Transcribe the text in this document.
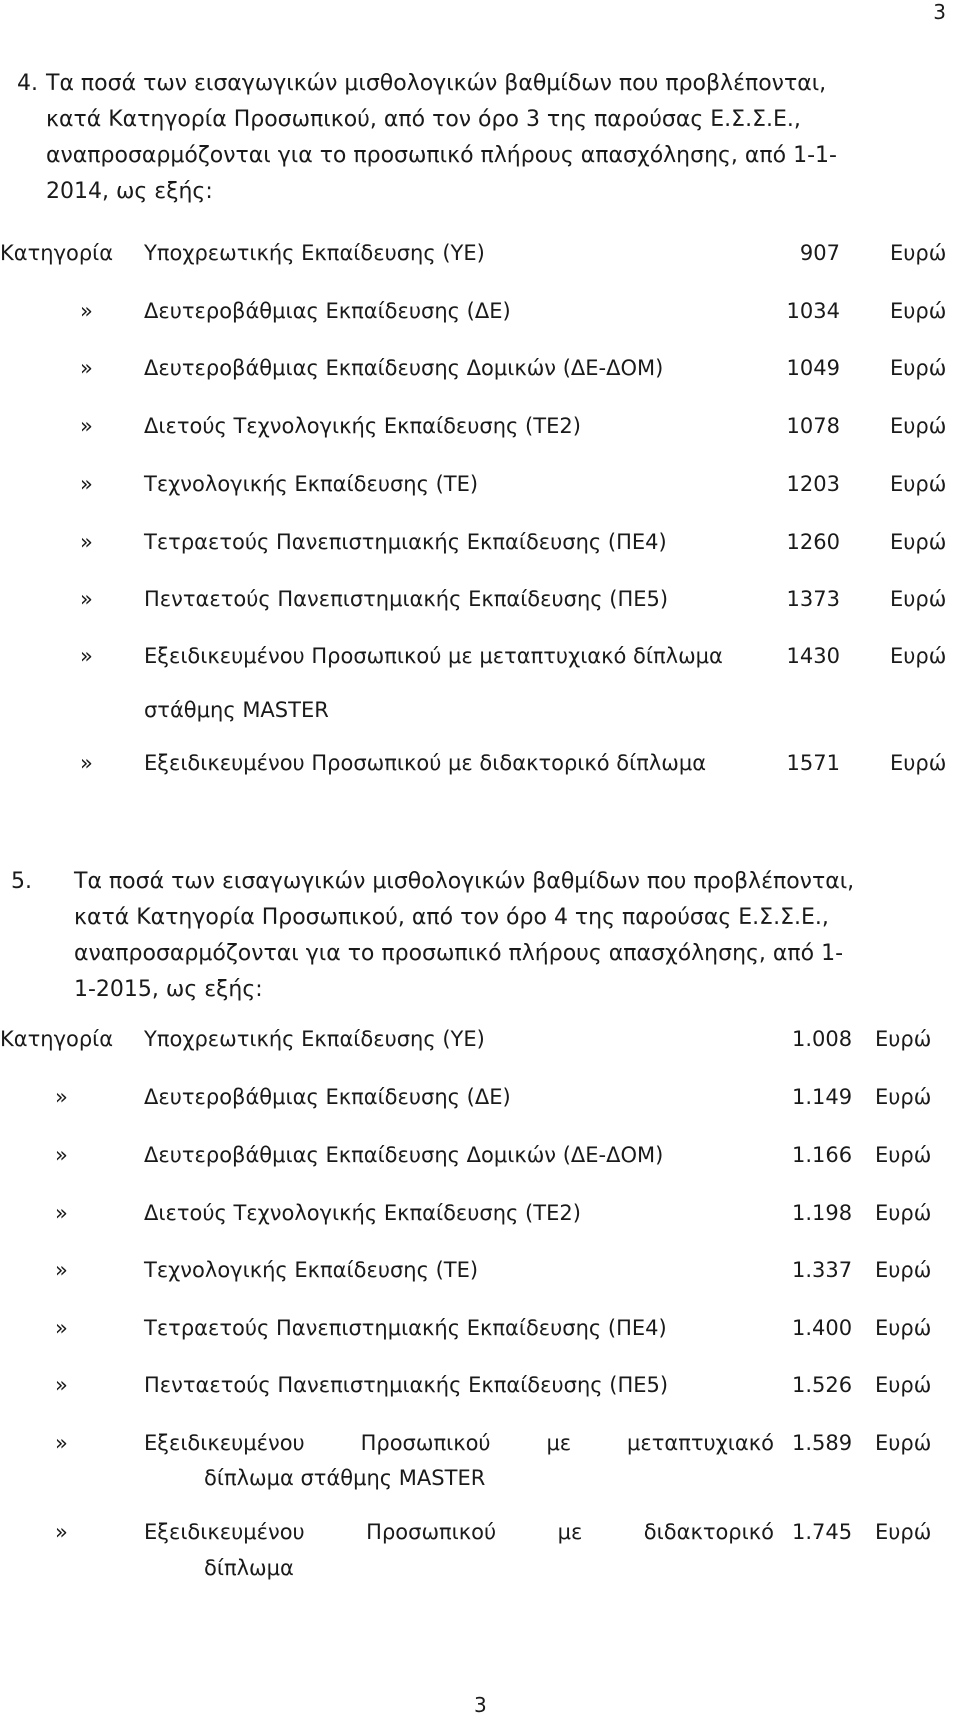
3
4. Τα ποσά των εισαγωγικών μισθολογικών βαθμίδων που προβλέπονται,
κατά Κατηγορία Προσωπικού, από τον όρο 3 της παρούσας Ε.Σ.Σ.Ε.,
αναπροσαρμόζονται για το προσωπικό πλήρους απασχόλησης, από 1-1-
2014, ως εξής:
Κατηγορία Υποχρεωτικής Εκπαίδευσης (ΥΕ)	907 Ευρώ
» Δευτεροβάθμιας Εκπαίδευσης (ΔΕ)	1034 Ευρώ
» Δευτεροβάθμιας Εκπαίδευσης Δομικών (ΔΕ-ΔΟΜ)	1049 Ευρώ
» Διετούς Τεχνολογικής Εκπαίδευσης (ΤΕ2)	1078 Ευρώ
» Τεχνολογικής Εκπαίδευσης (ΤΕ)	1203 Ευρώ
» Τετραετούς Πανεπιστημιακής Εκπαίδευσης (ΠΕ4)	1260 Ευρώ
» Πενταετούς Πανεπιστημιακής Εκπαίδευσης (ΠΕ5)	1373 Ευρώ
» Εξειδικευμένου Προσωπικού με μεταπτυχιακό δίπλωμα	1430 Ευρώ
στάθμης MASTER
» Εξειδικευμένου Προσωπικού με διδακτορικό δίπλωμα	1571 Ευρώ
5. Τα ποσά των εισαγωγικών μισθολογικών βαθμίδων που προβλέπονται,
κατά Κατηγορία Προσωπικού, από τον όρο 4 της παρούσας Ε.Σ.Σ.Ε.,
αναπροσαρμόζονται για το προσωπικό πλήρους απασχόλησης, από 1-
1-2015, ως εξής:
Κατηγορία Υποχρεωτικής Εκπαίδευσης (ΥΕ)	1.008 Ευρώ
»	Δευτεροβάθμιας Εκπαίδευσης (ΔΕ)	1.149 Ευρώ
»	Δευτεροβάθμιας Εκπαίδευσης Δομικών (ΔΕ-ΔΟΜ)	1.166 Ευρώ
»	Διετούς Τεχνολογικής Εκπαίδευσης (ΤΕ2)	1.198 Ευρώ
»	Τεχνολογικής Εκπαίδευσης (ΤΕ)	1.337 Ευρώ
»	Τετραετούς Πανεπιστημιακής Εκπαίδευσης (ΠΕ4)	1.400 Ευρώ
»	Πενταετούς Πανεπιστημιακής Εκπαίδευσης (ΠΕ5)	1.526 Ευρώ
»	Εξειδικευμένου	Προσωπικού	με	μεταπτυχιακό 1.589 Ευρώ
δίπλωμα στάθμης MASTER
»	Εξειδικευμένου	Προσωπικού	με	διδακτορικό 1.745 Ευρώ
δίπλωμα
3
